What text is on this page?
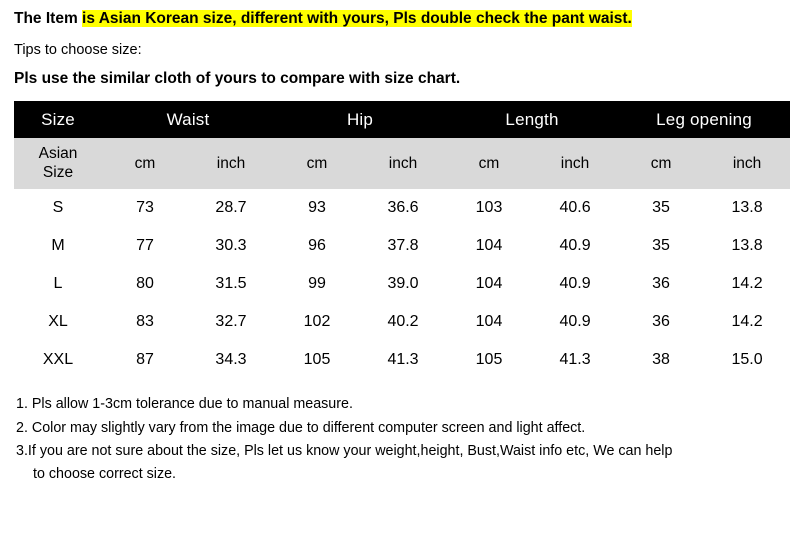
The Item is Asian Korean size, different with yours, Pls double check the pant waist.
Tips to choose size:
Pls use the similar cloth of yours to compare with size chart.
Size	Waist		Hip		Length		Leg opening	
Asian
Size	cm	inch	cm	inch	cm	inch	cm	inch
S	73	28.7	93	36.6	103	40.6	35	13.8
M	77	30.3	96	37.8	104	40.9	35	13.8
L	80	31.5	99	39.0	104	40.9	36	14.2
XL	83	32.7	102	40.2	104	40.9	36	14.2
XXL	87	34.3	105	41.3	105	41.3	38	15.0
1. Pls allow 1-3cm tolerance due to manual measure.
2. Color may slightly vary from the image due to different computer screen and light affect.
3.If you are not sure about the size, Pls let us know your weight,height, Bust,Waist info etc, We can help
to choose correct size.
